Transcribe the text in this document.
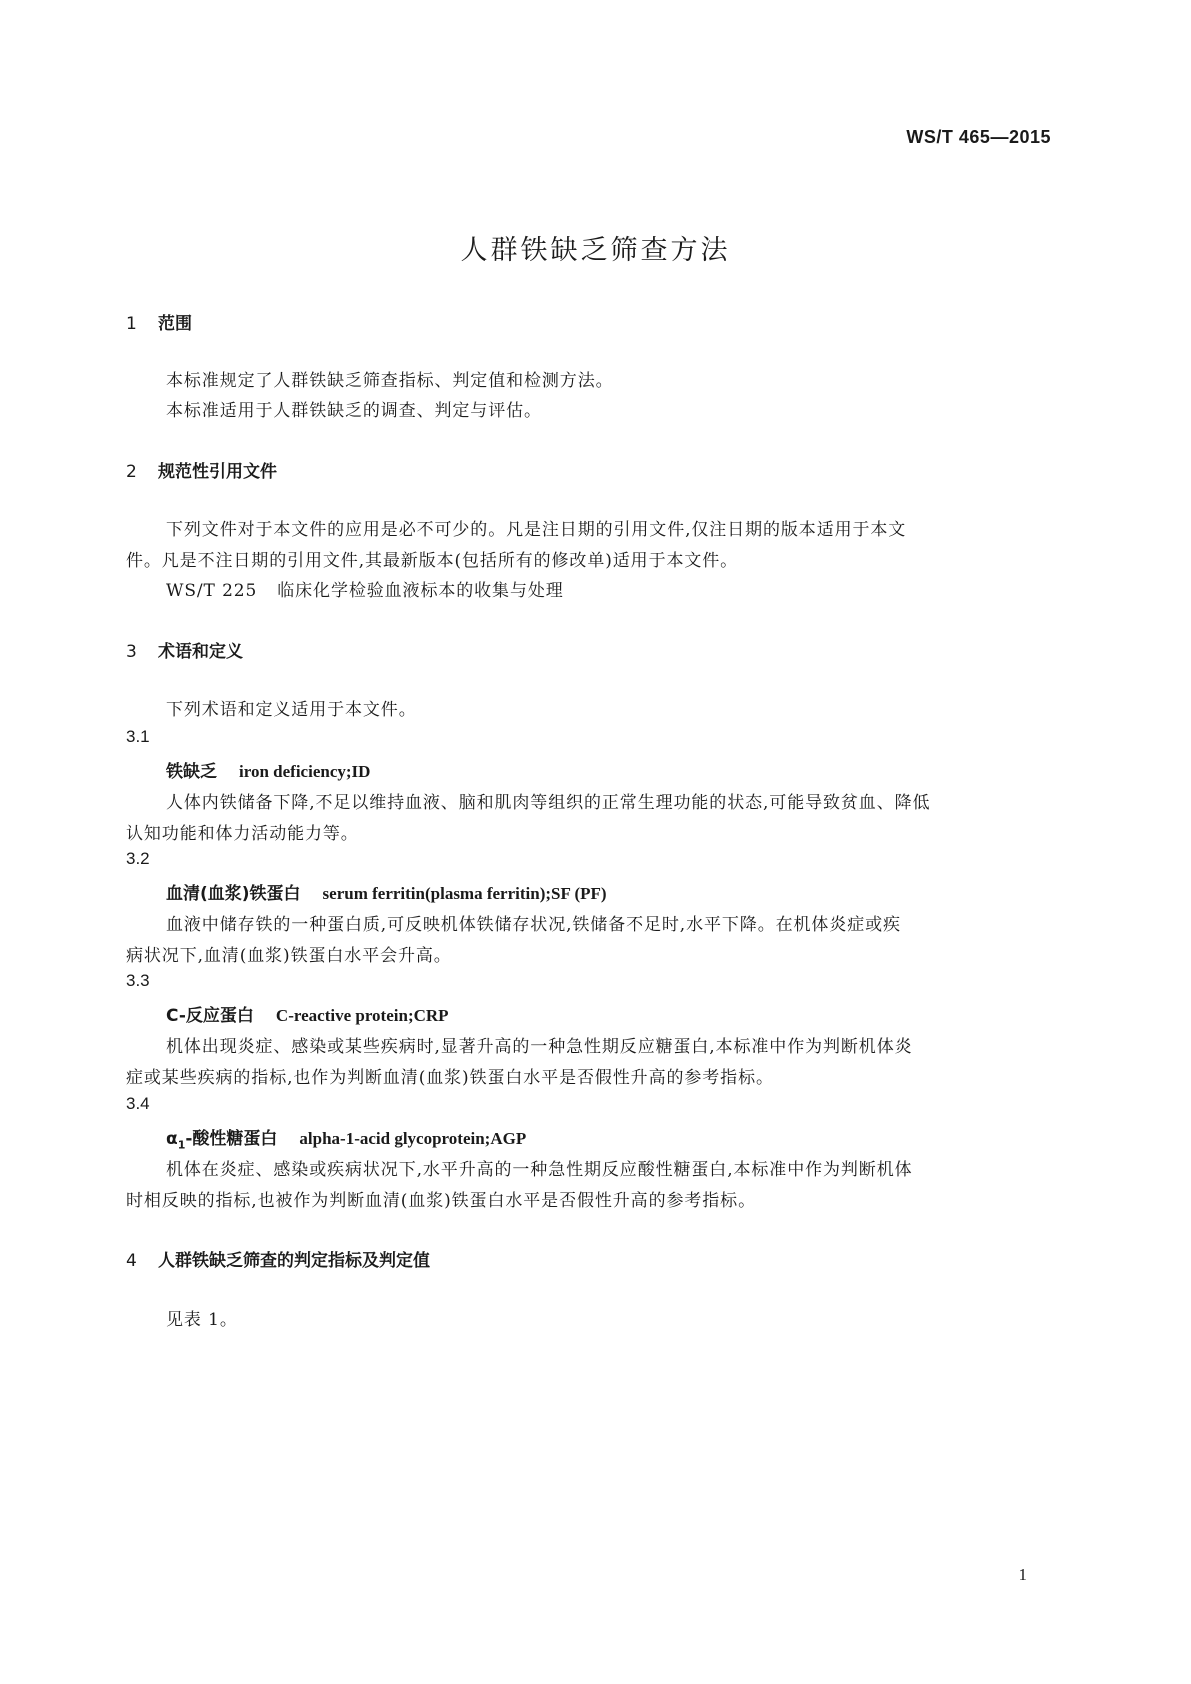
WS/T 465—2015
人群铁缺乏筛查方法
1 范围
本标准规定了人群铁缺乏筛查指标、判定值和检测方法。
本标准适用于人群铁缺乏的调查、判定与评估。
2 规范性引用文件
下列文件对于本文件的应用是必不可少的。凡是注日期的引用文件,仅注日期的版本适用于本文
件。凡是不注日期的引用文件,其最新版本(包括所有的修改单)适用于本文件。
WS/T 225 临床化学检验血液标本的收集与处理
3 术语和定义
下列术语和定义适用于本文件。
3.1
铁缺乏 iron deficiency;ID
人体内铁储备下降,不足以维持血液、脑和肌肉等组织的正常生理功能的状态,可能导致贫血、降低
认知功能和体力活动能力等。
3.2
血清(血浆)铁蛋白 serum ferritin(plasma ferritin);SF (PF)
血液中储存铁的一种蛋白质,可反映机体铁储存状况,铁储备不足时,水平下降。在机体炎症或疾
病状况下,血清(血浆)铁蛋白水平会升高。
3.3
C-反应蛋白 C-reactive protein;CRP
机体出现炎症、感染或某些疾病时,显著升高的一种急性期反应糖蛋白,本标准中作为判断机体炎
症或某些疾病的指标,也作为判断血清(血浆)铁蛋白水平是否假性升高的参考指标。
3.4
$\alpha_1-$酸性糖蛋白 alpha-1-acid glycoprotein;AGP
机体在炎症、感染或疾病状况下,水平升高的一种急性期反应酸性糖蛋白,本标准中作为判断机体
时相反映的指标,也被作为判断血清(血浆)铁蛋白水平是否假性升高的参考指标。
4 人群铁缺乏筛查的判定指标及判定值
见表 1。
1
